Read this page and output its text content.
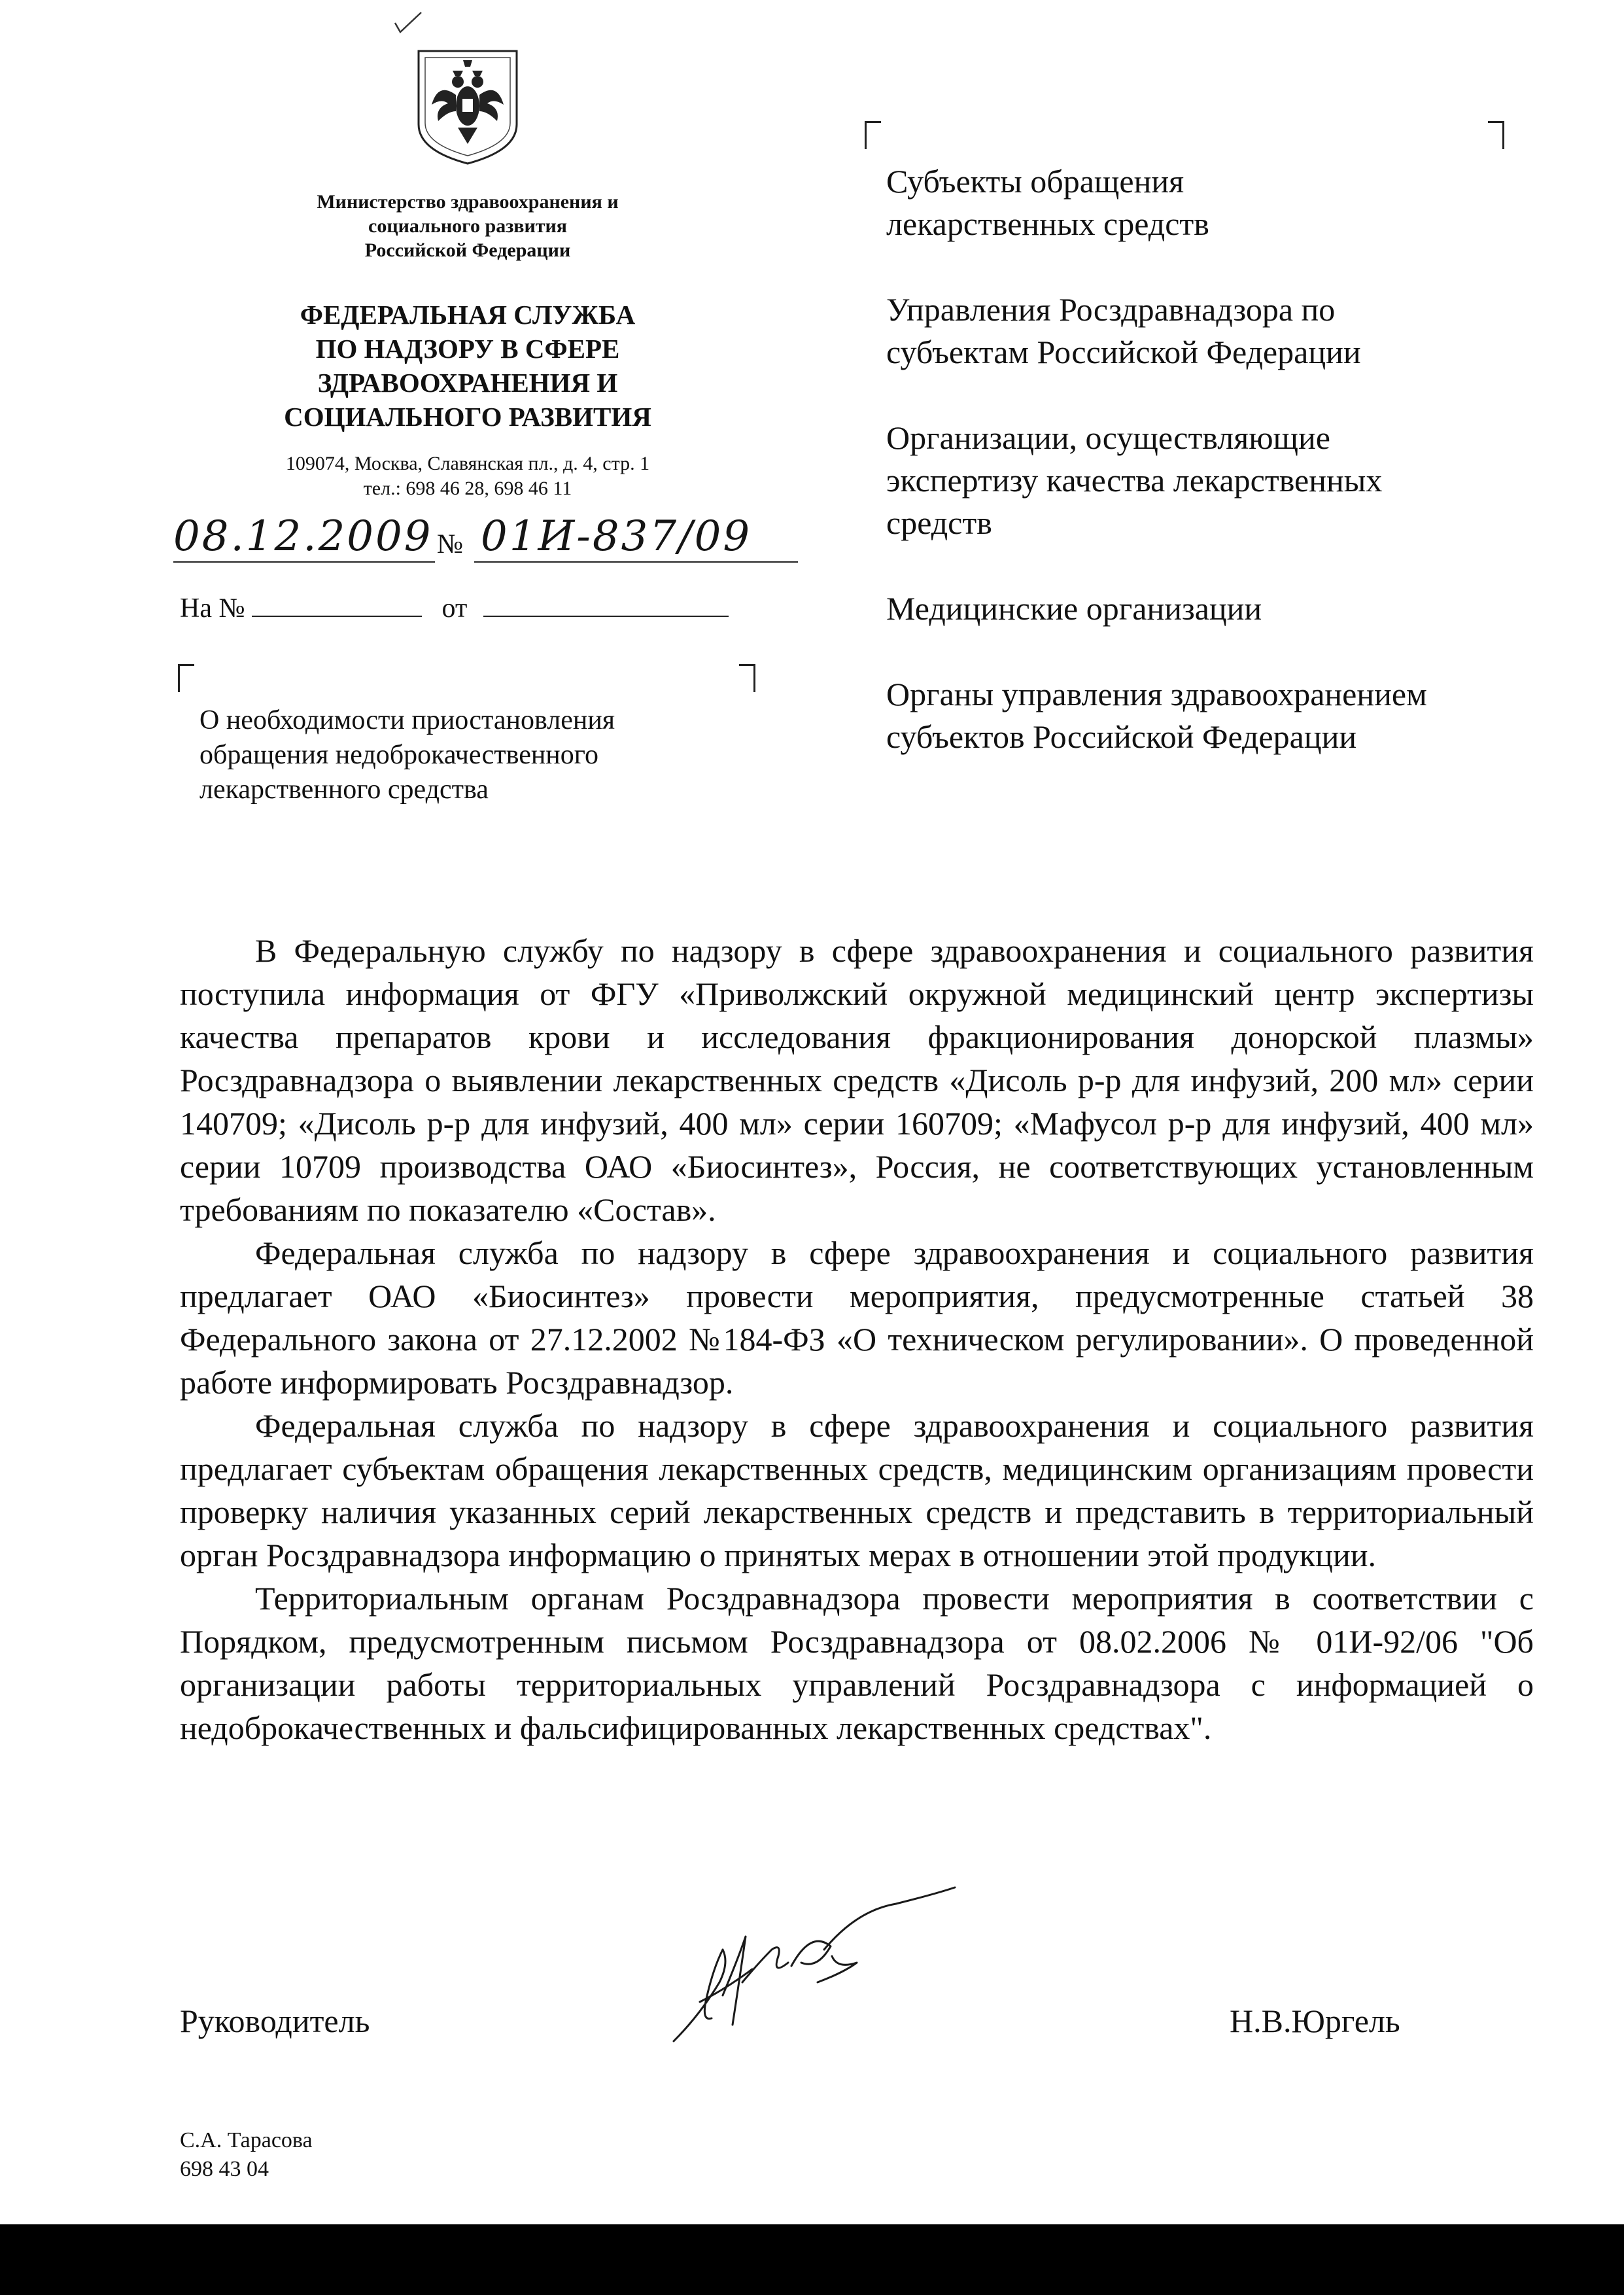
Министерство здравоохранения и
социального развития
Российской Федерации
ФЕДЕРАЛЬНАЯ СЛУЖБА
ПО НАДЗОРУ В СФЕРЕ
ЗДРАВООХРАНЕНИЯ И
СОЦИАЛЬНОГО РАЗВИТИЯ
109074, Москва, Славянская пл., д. 4, стр. 1
тел.: 698 46 28, 698 46 11
08.12.2009 № 01И-837/09
На №	от
О необходимости приостановления
обращения недоброкачественного
лекарственного средства

Субъекты обращения
лекарственных средств

Управления Росздравнадзора по
субъектам Российской Федерации

Организации, осуществляющие
экспертизу качества лекарственных
средств

Медицинские организации

Органы управления здравоохранением
субъектов Российской Федерации

В Федеральную службу по надзору в сфере здравоохранения и социального развития поступила информация от ФГУ «Приволжский окружной медицинский центр экспертизы качества препаратов крови и исследования фракционирования донорской плазмы» Росздравнадзора о выявлении лекарственных средств «Дисоль р-р для инфузий, 200 мл» серии 140709; «Дисоль р-р для инфузий, 400 мл» серии 160709; «Мафусол р-р для инфузий, 400 мл» серии 10709 производства ОАО «Биосинтез», Россия, не соответствующих установленным требованиям по показателю «Состав».

Федеральная служба по надзору в сфере здравоохранения и социального развития предлагает ОАО «Биосинтез» провести мероприятия, предусмотренные статьей 38 Федерального закона от 27.12.2002 №184-ФЗ «О техническом регулировании». О проведенной работе информировать Росздравнадзор.

Федеральная служба по надзору в сфере здравоохранения и социального развития предлагает субъектам обращения лекарственных средств, медицинским организациям провести проверку наличия указанных серий лекарственных средств и представить в территориальный орган Росздравнадзора информацию о принятых мерах в отношении этой продукции.

Территориальным органам Росздравнадзора провести мероприятия в соответствии с Порядком, предусмотренным письмом Росздравнадзора от 08.02.2006 № 01И-92/06 "Об организации работы территориальных управлений Росздравнадзора с информацией о недоброкачественных и фальсифицированных лекарственных средствах".

Руководитель	Н.В.Юргель
С.А. Тарасова
698 43 04
